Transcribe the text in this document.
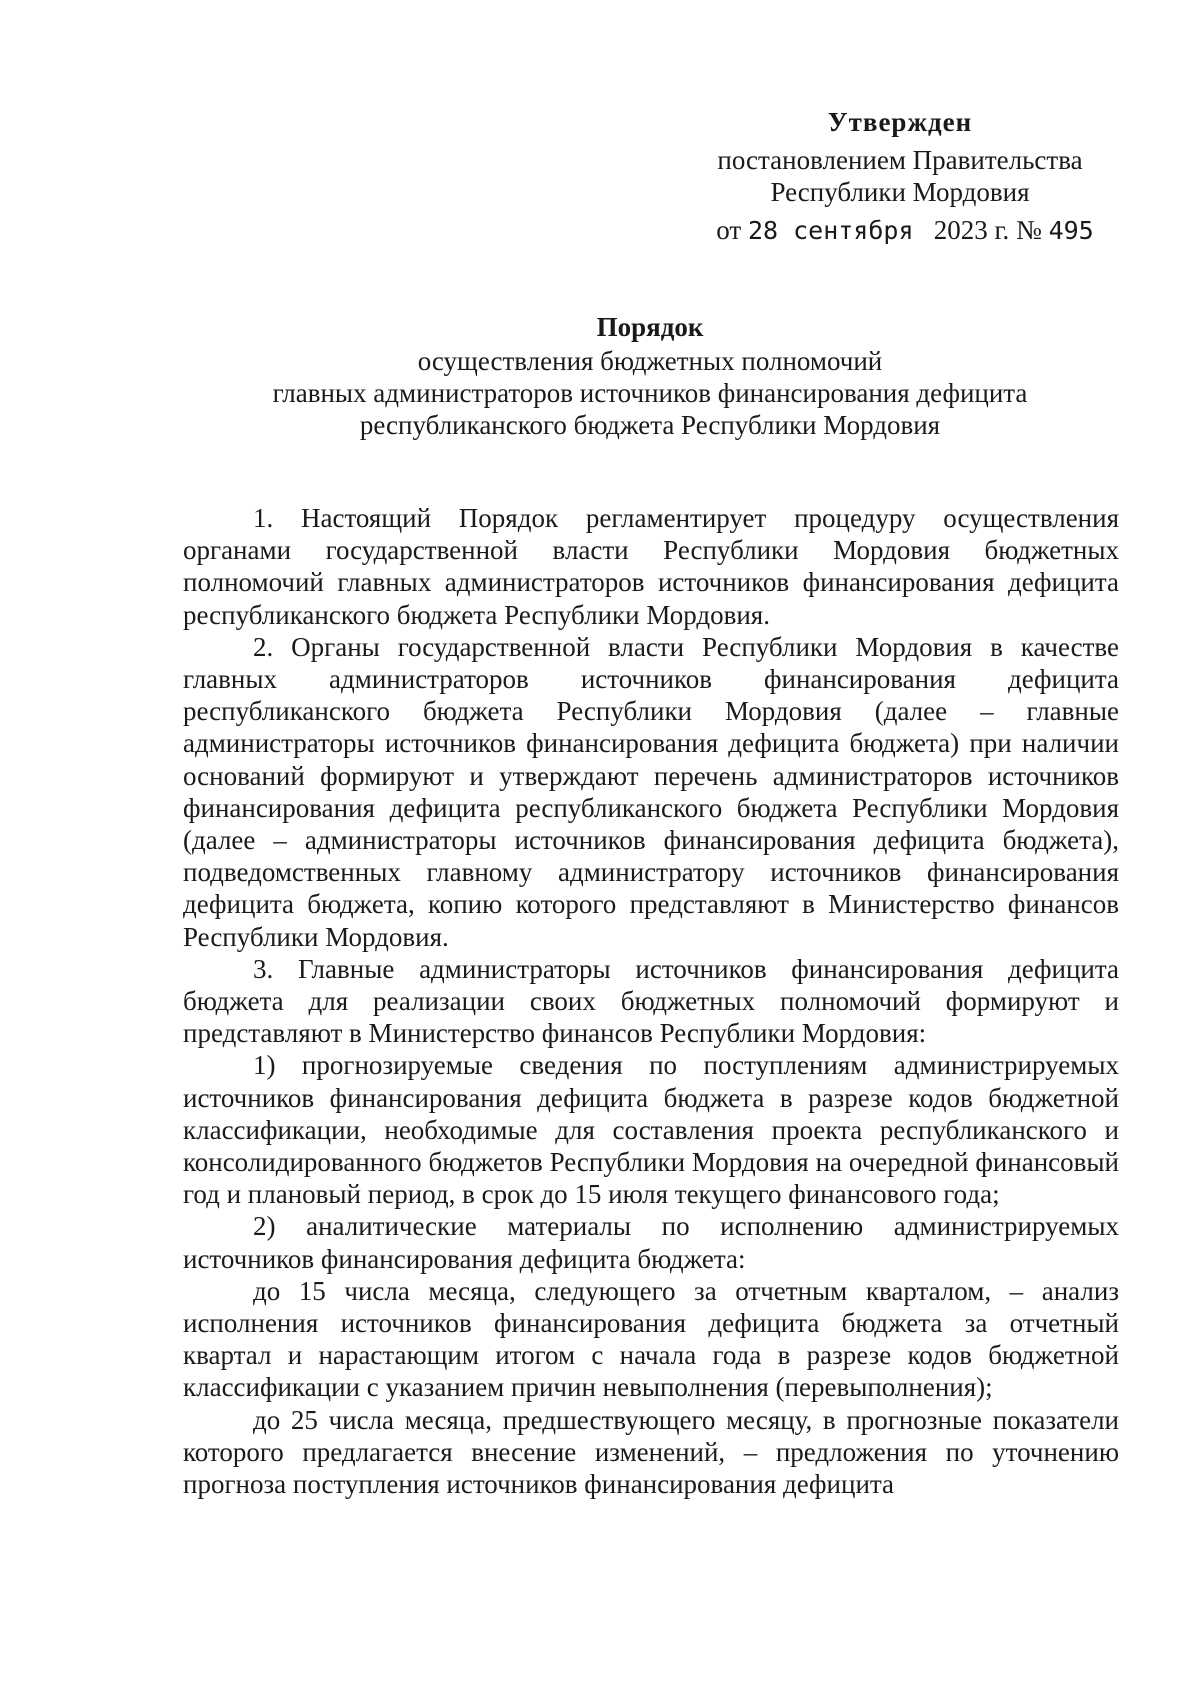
Утвержден
постановлением Правительства
Республики Мордовия
от 28 сентября 2023 г. № 495
Порядок
осуществления бюджетных полномочий
главных администраторов источников финансирования дефицита
республиканского бюджета Республики Мордовия

1. Настоящий Порядок регламентирует процедуру осуществления органами государственной власти Республики Мордовия бюджетных полномочий главных администраторов источников финансирования дефицита республиканского бюджета Республики Мордовия.

2. Органы государственной власти Республики Мордовия в качестве главных администраторов источников финансирования дефицита республиканского бюджета Республики Мордовия (далее – главные администраторы источников финансирования дефицита бюджета) при наличии оснований формируют и утверждают перечень администраторов источников финансирования дефицита республиканского бюджета Республики Мордовия (далее – администраторы источников финансирования дефицита бюджета), подведомственных главному администратору источников финансирования дефицита бюджета, копию которого представляют в Министерство финансов Республики Мордовия.

3. Главные администраторы источников финансирования дефицита бюджета для реализации своих бюджетных полномочий формируют и представляют в Министерство финансов Республики Мордовия:

1) прогнозируемые сведения по поступлениям администрируемых источников финансирования дефицита бюджета в разрезе кодов бюджетной классификации, необходимые для составления проекта республиканского и консолидированного бюджетов Республики Мордовия на очередной финансовый год и плановый период, в срок до 15 июля текущего финансового года;

2) аналитические материалы по исполнению администрируемых источников финансирования дефицита бюджета:

до 15 числа месяца, следующего за отчетным кварталом, – анализ исполнения источников финансирования дефицита бюджета за отчетный квартал и нарастающим итогом с начала года в разрезе кодов бюджетной классификации с указанием причин невыполнения (перевыполнения);

до 25 числа месяца, предшествующего месяцу, в прогнозные показатели которого предлагается внесение изменений, – предложения по уточнению прогноза поступления источников финансирования дефицита
